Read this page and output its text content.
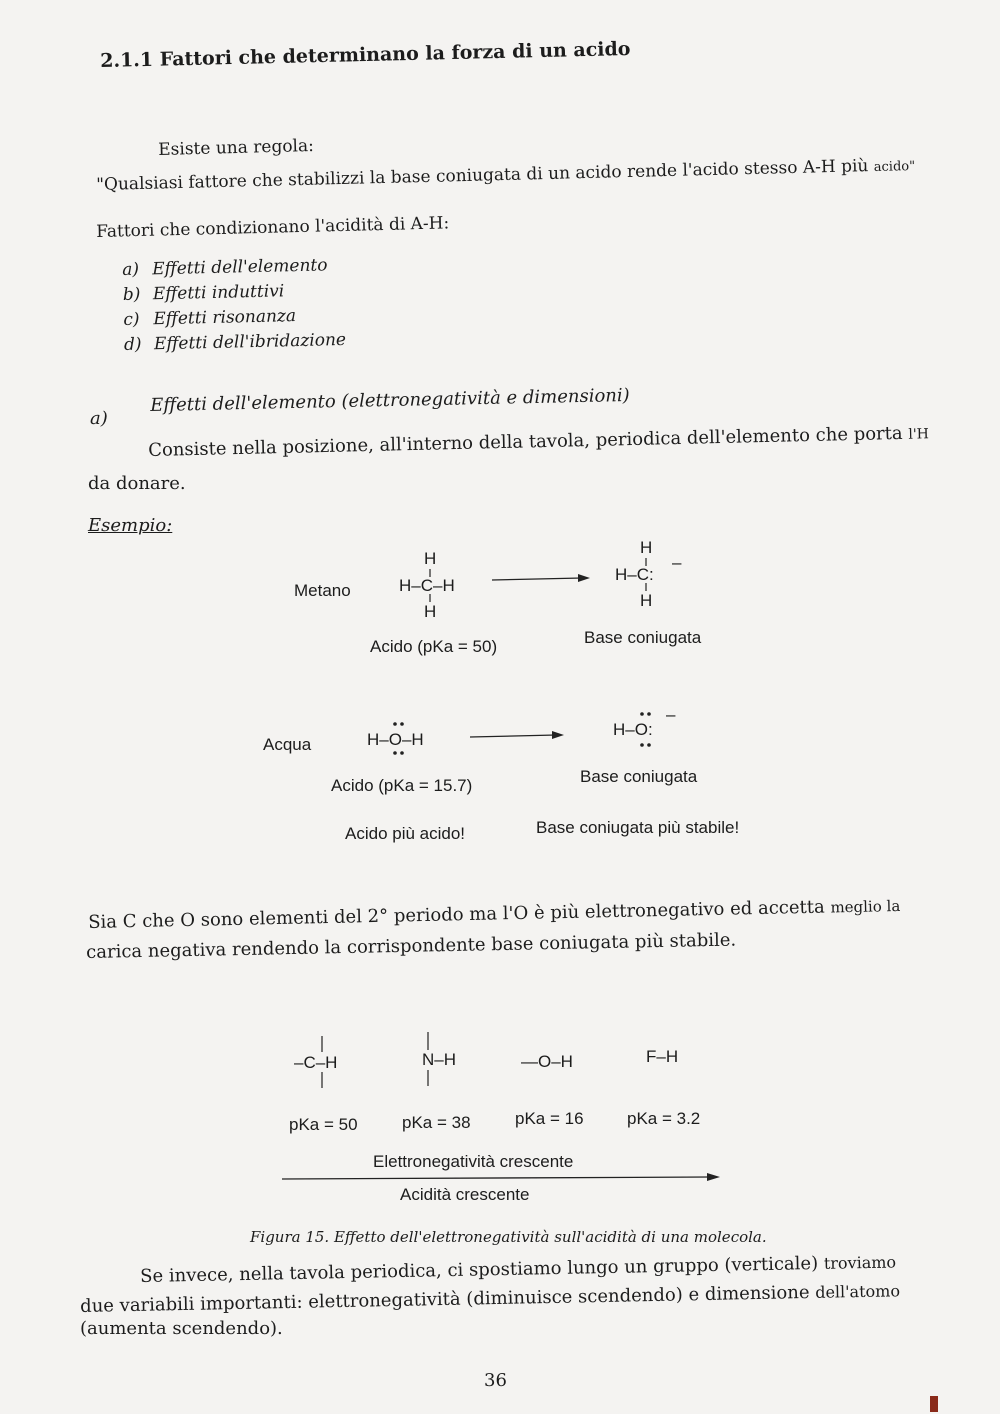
2.1.1 Fattori che determinano la forza di un acido
Esiste una regola:
"Qualsiasi fattore che stabilizzi la base coniugata di un acido rende l'acido stesso A-H più acido"
Fattori che condizionano l'acidità di A-H:
a) Effetti dell'elemento
b) Effetti induttivi
c) Effetti risonanza
d) Effetti dell'ibridazione
a)
Effetti dell'elemento (elettronegatività e dimensioni)
Consiste nella posizione, all'interno della tavola, periodica dell'elemento che porta l'H
da donare.
Esempio:
Metano
H
H–C–H
H
Acido (pKa = 50)
H
H–C:
H
–
Base coniugata
Acqua	H–O–H
Acido (pKa = 15.7)
H–O:
–
Base coniugata
Acido più acido!	Base coniugata più stabile!
Sia C che O sono elementi del 2° periodo ma l'O è più elettronegativo ed accetta meglio la
carica negativa rendendo la corrispondente base coniugata più stabile.
–C–H	N–H	—O–H	F–H
pKa = 50	pKa = 38	pKa = 16	pKa = 3.2
Elettronegatività crescente
Acidità crescente
Figura 15. Effetto dell'elettronegatività sull'acidità di una molecola.
Se invece, nella tavola periodica, ci spostiamo lungo un gruppo (verticale) troviamo
due variabili importanti: elettronegatività (diminuisce scendendo) e dimensione dell'atomo
(aumenta scendendo).
36
